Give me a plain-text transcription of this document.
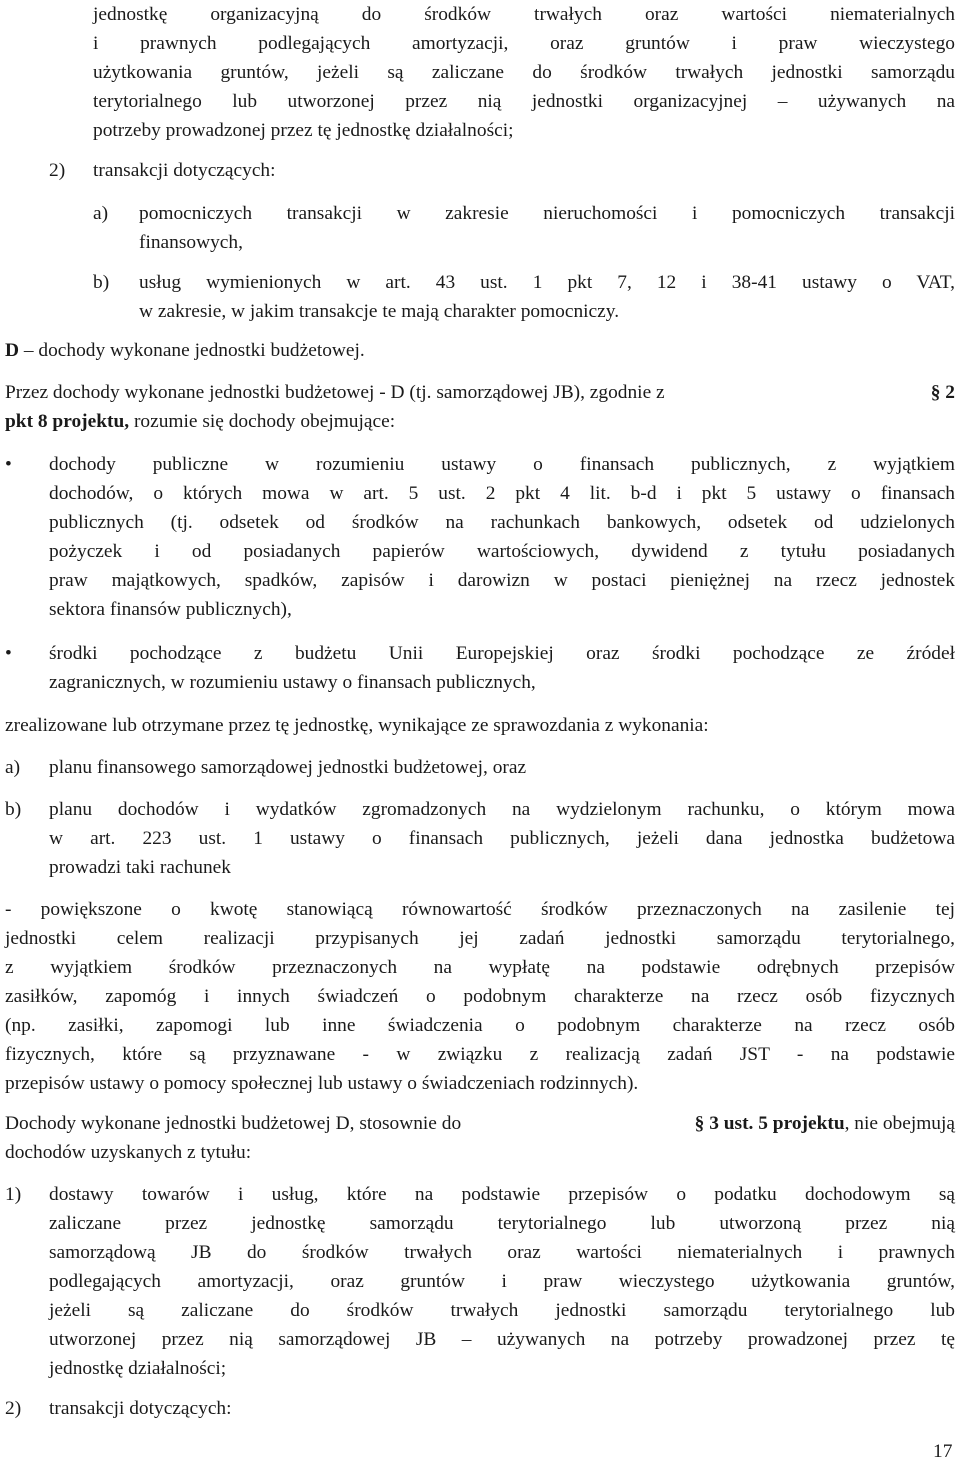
jednostkę organizacyjną do środków trwałych oraz wartości niematerialnych
i prawnych podlegających amortyzacji, oraz gruntów i praw wieczystego
użytkowania gruntów, jeżeli są zaliczane do środków trwałych jednostki samorządu
terytorialnego lub utworzonej przez nią jednostki organizacyjnej – używanych na
potrzeby prowadzonej przez tę jednostkę działalności;
2) transakcji dotyczących:
a) pomocniczych transakcji w zakresie nieruchomości i pomocniczych transakcji
finansowych,
b) usług wymienionych w art. 43 ust. 1 pkt 7, 12 i 38-41 ustawy o VAT,
w zakresie, w jakim transakcje te mają charakter pomocniczy.
D – dochody wykonane jednostki budżetowej.
Przez dochody wykonane jednostki budżetowej - D (tj. samorządowej JB), zgodnie z	§ 2
pkt 8 projektu, rozumie się dochody obejmujące:
• dochody publiczne w rozumieniu ustawy o finansach publicznych, z wyjątkiem
dochodów, o których mowa w art. 5 ust. 2 pkt 4 lit. b-d i pkt 5 ustawy o finansach
publicznych (tj. odsetek od środków na rachunkach bankowych, odsetek od udzielonych
pożyczek i od posiadanych papierów wartościowych, dywidend z tytułu posiadanych
praw majątkowych, spadków, zapisów i darowizn w postaci pieniężnej na rzecz jednostek
sektora finansów publicznych),
• środki pochodzące z budżetu Unii Europejskiej oraz środki pochodzące ze źródeł
zagranicznych, w rozumieniu ustawy o finansach publicznych,
zrealizowane lub otrzymane przez tę jednostkę, wynikające ze sprawozdania z wykonania:
a) planu finansowego samorządowej jednostki budżetowej, oraz
b) planu dochodów i wydatków zgromadzonych na wydzielonym rachunku, o którym mowa
w art. 223 ust. 1 ustawy o finansach publicznych, jeżeli dana jednostka budżetowa
prowadzi taki rachunek
- powiększone o kwotę stanowiącą równowartość środków przeznaczonych na zasilenie tej
jednostki celem realizacji przypisanych jej zadań jednostki samorządu terytorialnego,
z wyjątkiem środków przeznaczonych na wypłatę na podstawie odrębnych przepisów
zasiłków, zapomóg i innych świadczeń o podobnym charakterze na rzecz osób fizycznych
(np. zasiłki, zapomogi lub inne świadczenia o podobnym charakterze na rzecz osób
fizycznych, które są przyznawane - w związku z realizacją zadań JST - na podstawie
przepisów ustawy o pomocy społecznej lub ustawy o świadczeniach rodzinnych).
Dochody wykonane jednostki budżetowej D, stosownie do	§ 3 ust. 5 projektu, nie obejmują
dochodów uzyskanych z tytułu:
1) dostawy towarów i usług, które na podstawie przepisów o podatku dochodowym są
zaliczane przez jednostkę samorządu terytorialnego lub utworzoną przez nią
samorządową JB do środków trwałych oraz wartości niematerialnych i prawnych
podlegających amortyzacji, oraz gruntów i praw wieczystego użytkowania gruntów,
jeżeli są zaliczane do środków trwałych jednostki samorządu terytorialnego lub
utworzonej przez nią samorządowej JB – używanych na potrzeby prowadzonej przez tę
jednostkę działalności;
2) transakcji dotyczących:
17
